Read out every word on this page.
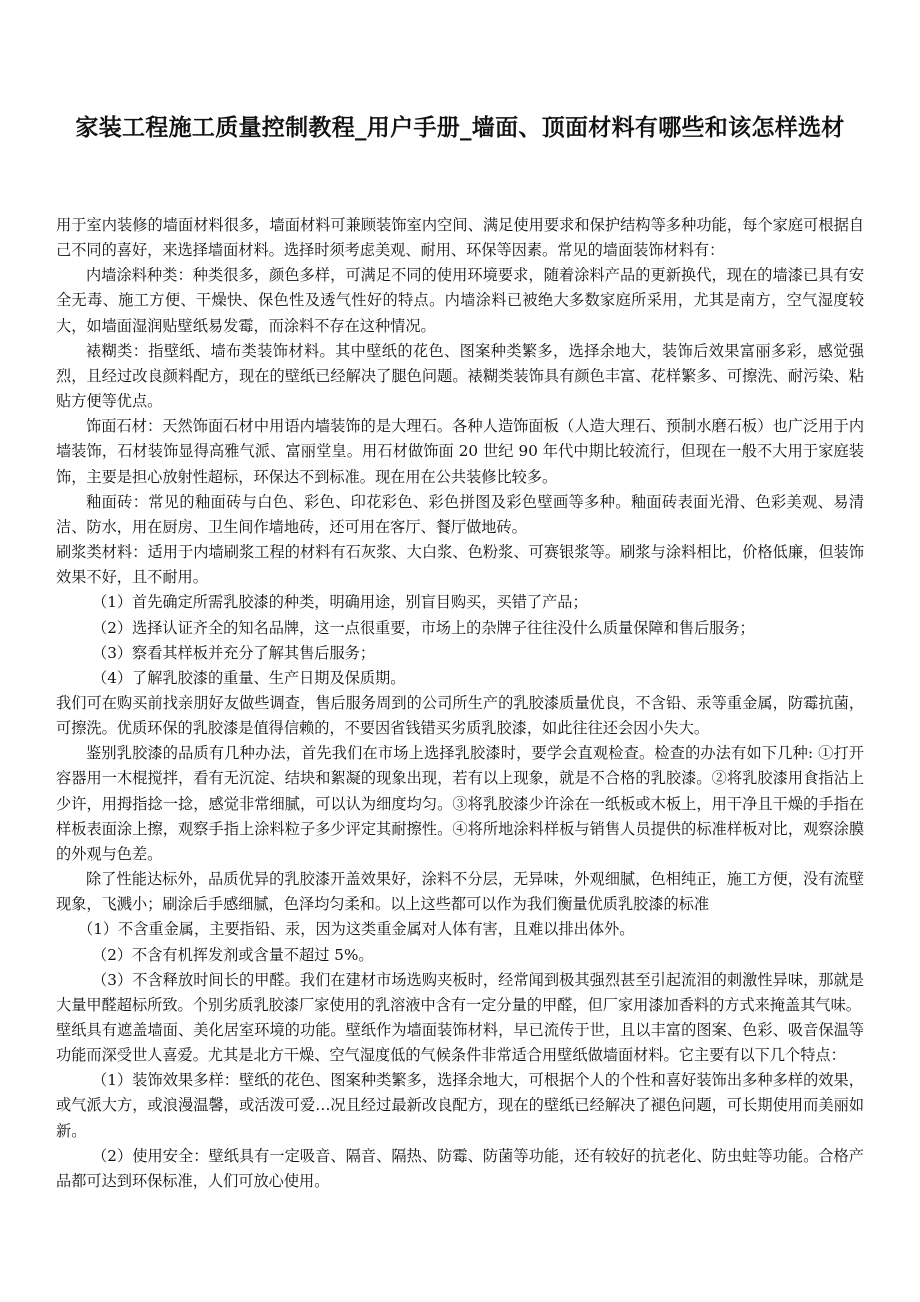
家装工程施工质量控制教程_用户手册_墙面、顶面材料有哪些和该怎样选材

用于室内装修的墙面材料很多，墙面材料可兼顾装饰室内空间、满足使用要求和保护结构等多种功能，每个家庭可根据自己不同的喜好，来选择墙面材料。选择时须考虑美观、耐用、环保等因素。常见的墙面装饰材料有：

内墙涂料种类：种类很多，颜色多样，可满足不同的使用环境要求，随着涂料产品的更新换代，现在的墙漆已具有安全无毒、施工方便、干燥快、保色性及透气性好的特点。内墙涂料已被绝大多数家庭所采用，尤其是南方，空气湿度较大，如墙面湿润贴壁纸易发霉，而涂料不存在这种情况。

裱糊类：指壁纸、墙布类装饰材料。其中壁纸的花色、图案种类繁多，选择余地大，装饰后效果富丽多彩，感觉强烈，且经过改良颜料配方，现在的壁纸已经解决了腿色问题。裱糊类装饰具有颜色丰富、花样繁多、可擦洗、耐污染、粘贴方便等优点。

饰面石材：天然饰面石材中用语内墙装饰的是大理石。各种人造饰面板（人造大理石、预制水磨石板）也广泛用于内墙装饰，石材装饰显得高雅气派、富丽堂皇。用石材做饰面 20 世纪 90 年代中期比较流行，但现在一般不大用于家庭装饰，主要是担心放射性超标，环保达不到标准。现在用在公共装修比较多。

釉面砖：常见的釉面砖与白色、彩色、印花彩色、彩色拼图及彩色壁画等多种。釉面砖表面光滑、色彩美观、易清洁、防水，用在厨房、卫生间作墙地砖，还可用在客厅、餐厅做地砖。

刷浆类材料：适用于内墙刷浆工程的材料有石灰浆、大白浆、色粉浆、可赛银浆等。刷浆与涂料相比，价格低廉，但装饰效果不好，且不耐用。

（1）首先确定所需乳胶漆的种类，明确用途，别盲目购买，买错了产品；

（2）选择认证齐全的知名品牌，这一点很重要，市场上的杂牌子往往没什么质量保障和售后服务；

（3）察看其样板并充分了解其售后服务；

（4）了解乳胶漆的重量、生产日期及保质期。

我们可在购买前找亲朋好友做些调查，售后服务周到的公司所生产的乳胶漆质量优良，不含铅、汞等重金属，防霉抗菌，可擦洗。优质环保的乳胶漆是值得信赖的，不要因省钱错买劣质乳胶漆，如此往往还会因小失大。

鉴别乳胶漆的品质有几种办法，首先我们在市场上选择乳胶漆时，要学会直观检查。检查的办法有如下几种: ①打开容器用一木棍搅拌，看有无沉淀、结块和絮凝的现象出现，若有以上现象，就是不合格的乳胶漆。②将乳胶漆用食指沾上少许，用拇指捻一捻，感觉非常细腻，可以认为细度均匀。③将乳胶漆少许涂在一纸板或木板上，用干净且干燥的手指在样板表面涂上擦，观察手指上涂料粒子多少评定其耐擦性。④将所地涂料样板与销售人员提供的标准样板对比，观察涂膜的外观与色差。

除了性能达标外，品质优异的乳胶漆开盖效果好，涂料不分层，无异味，外观细腻，色相纯正，施工方便，没有流壁现象，飞溅小；刷涂后手感细腻，色泽均匀柔和。以上这些都可以作为我们衡量优质乳胶漆的标准

（1）不含重金属，主要指铅、汞，因为这类重金属对人体有害，且难以排出体外。

（2）不含有机挥发剂或含量不超过 5%。

（3）不含释放时间长的甲醛。我们在建材市场选购夹板时，经常闻到极其强烈甚至引起流泪的刺激性异味，那就是大量甲醛超标所致。个别劣质乳胶漆厂家使用的乳溶液中含有一定分量的甲醛，但厂家用漆加香料的方式来掩盖其气味。

壁纸具有遮盖墙面、美化居室环境的功能。壁纸作为墙面装饰材料，早已流传于世，且以丰富的图案、色彩、吸音保温等功能而深受世人喜爱。尤其是北方干燥、空气湿度低的气候条件非常适合用壁纸做墙面材料。它主要有以下几个特点：

（1）装饰效果多样：壁纸的花色、图案种类繁多，选择余地大，可根据个人的个性和喜好装饰出多种多样的效果，或气派大方，或浪漫温馨，或活泼可爱…况且经过最新改良配方，现在的壁纸已经解决了褪色问题，可长期使用而美丽如新。

（2）使用安全：壁纸具有一定吸音、隔音、隔热、防霉、防菌等功能，还有较好的抗老化、防虫蛀等功能。合格产品都可达到环保标准，人们可放心使用。
